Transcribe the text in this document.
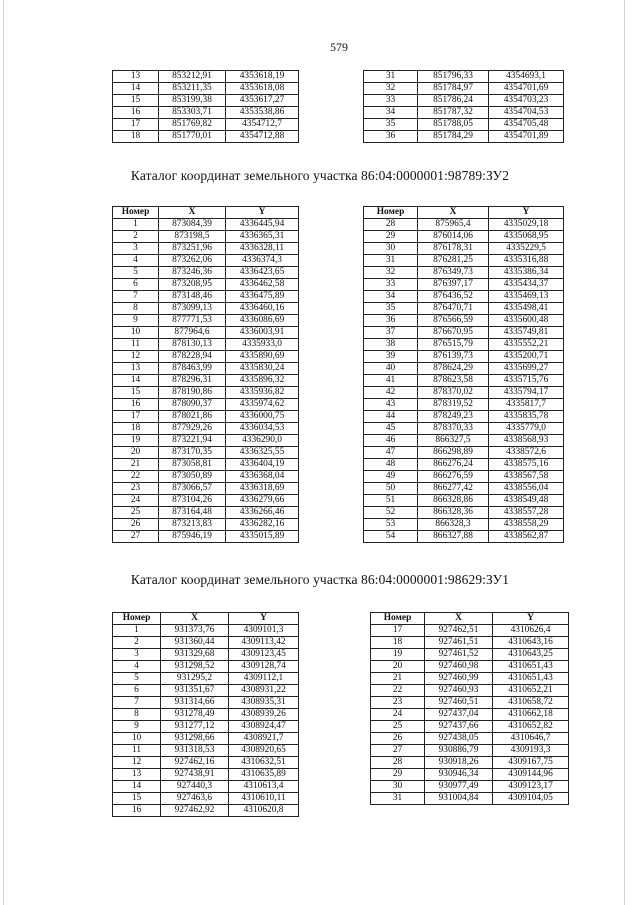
579
13	853212,91	4353618,19
14	853211,35	4353618,08
15	853199,38	4353617,27
16	853303,71	4353538,86
17	851769,82	4354712,7
18	851770,01	4354712,88
31	851796,33	4354693,1
32	851784,97	4354701,69
33	851786,24	4354703,23
34	851787,32	4354704,53
35	851788,05	4354705,48
36	851784,29	4354701,89
Каталог координат земельного участка 86:04:0000001:98789:ЗУ2
Номер	X	Y
1	873084,39	4336445,94
2	873198,5	4336365,31
3	873251,96	4336328,11
4	873262,06	4336374,3
5	873246,36	4336423,65
6	873208,95	4336462,58
7	873148,46	4336475,89
8	873099,13	4336460,16
9	877771,53	4336086,69
10	877964,6	4336003,91
11	878130,13	4335933,0
12	878228,94	4335890,69
13	878463,99	4335830,24
14	878296,31	4335896,32
15	878190,86	4335936,82
16	878090,37	4335974,62
17	878021,86	4336000,75
18	877929,26	4336034,53
19	873221,94	4336290,0
20	873170,35	4336325,55
21	873058,81	4336404,19
22	873050,89	4336368,04
23	873066,57	4336318,69
24	873104,26	4336279,66
25	873164,48	4336266,46
26	873213,83	4336282,16
27	875946,19	4335015,89
Номер	X	Y
28	875965,4	4335029,18
29	876014,06	4335068,95
30	876178,31	4335229,5
31	876281,25	4335316,88
32	876349,73	4335386,34
33	876397,17	4335434,37
34	876436,52	4335469,13
35	876470,71	4335498,41
36	876566,59	4335600,48
37	876670,95	4335749,81
38	876515,79	4335552,21
39	876139,73	4335200,71
40	878624,29	4335699,27
41	878623,58	4335715,76
42	878370,02	4335794,17
43	878319,52	4335817,7
44	878249,23	4335835,78
45	878370,33	4335779,0
46	866327,5	4338568,93
47	866298,89	4338572,6
48	866276,24	4338575,16
49	866276,59	4338567,58
50	866277,42	4338556,04
51	866328,86	4338549,48
52	866328,36	4338557,28
53	866328,3	4338558,29
54	866327,88	4338562,87
Каталог координат земельного участка 86:04:0000001:98629:ЗУ1
Номер	X	Y
1	931373,76	4309101,3
2	931360,44	4309113,42
3	931329,68	4309123,45
4	931298,52	4309128,74
5	931295,2	4309112,1
6	931351,67	4308931,22
7	931314,66	4308935,31
8	931278,49	4308939,26
9	931277,12	4308924,47
10	931298,66	4308921,7
11	931318,53	4308920,65
12	927462,16	4310632,51
13	927438,91	4310635,89
14	927440,3	4310613,4
15	927463,6	4310610,11
16	927462,92	4310620,8
Номер	X	Y
17	927462,51	4310626,4
18	927461,51	4310643,16
19	927461,52	4310643,25
20	927460,98	4310651,43
21	927460,99	4310651,43
22	927460,93	4310652,21
23	927460,51	4310658,72
24	927437,04	4310662,18
25	927437,66	4310652,82
26	927438,05	4310646,7
27	930886,79	4309193,3
28	930918,26	4309167,75
29	930946,34	4309144,96
30	930977,49	4309123,17
31	931004,84	4309104,05
